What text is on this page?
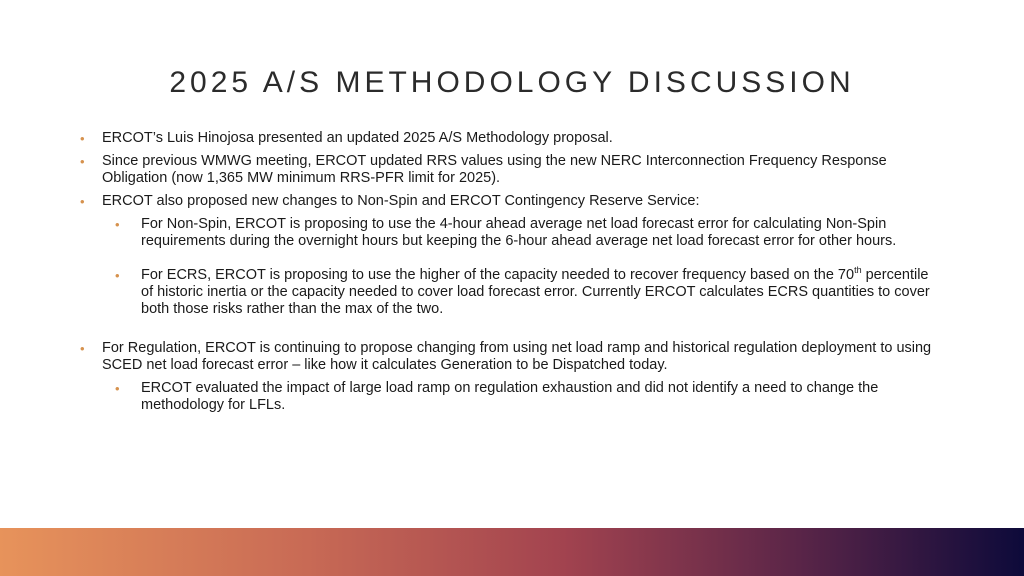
2025 A/S METHODOLOGY DISCUSSION

• ERCOT’s Luis Hinojosa presented an updated 2025 A/S Methodology proposal.

• Since previous WMWG meeting, ERCOT updated RRS values using the new NERC Interconnection Frequency Response Obligation (now 1,365 MW minimum RRS-PFR limit for 2025).

• ERCOT also proposed new changes to Non-Spin and ERCOT Contingency Reserve Service:

• For Non-Spin, ERCOT is proposing to use the 4-hour ahead average net load forecast error for calculating Non-Spin requirements during the overnight hours but keeping the 6-hour ahead average net load forecast error for other hours.

• For ECRS, ERCOT is proposing to use the higher of the capacity needed to recover frequency based on the 70th percentile of historic inertia or the capacity needed to cover load forecast error. Currently ERCOT calculates ECRS quantities to cover both those risks rather than the max of the two.

• For Regulation, ERCOT is continuing to propose changing from using net load ramp and historical regulation deployment to using SCED net load forecast error – like how it calculates Generation to be Dispatched today.

• ERCOT evaluated the impact of large load ramp on regulation exhaustion and did not identify a need to change the methodology for LFLs.
